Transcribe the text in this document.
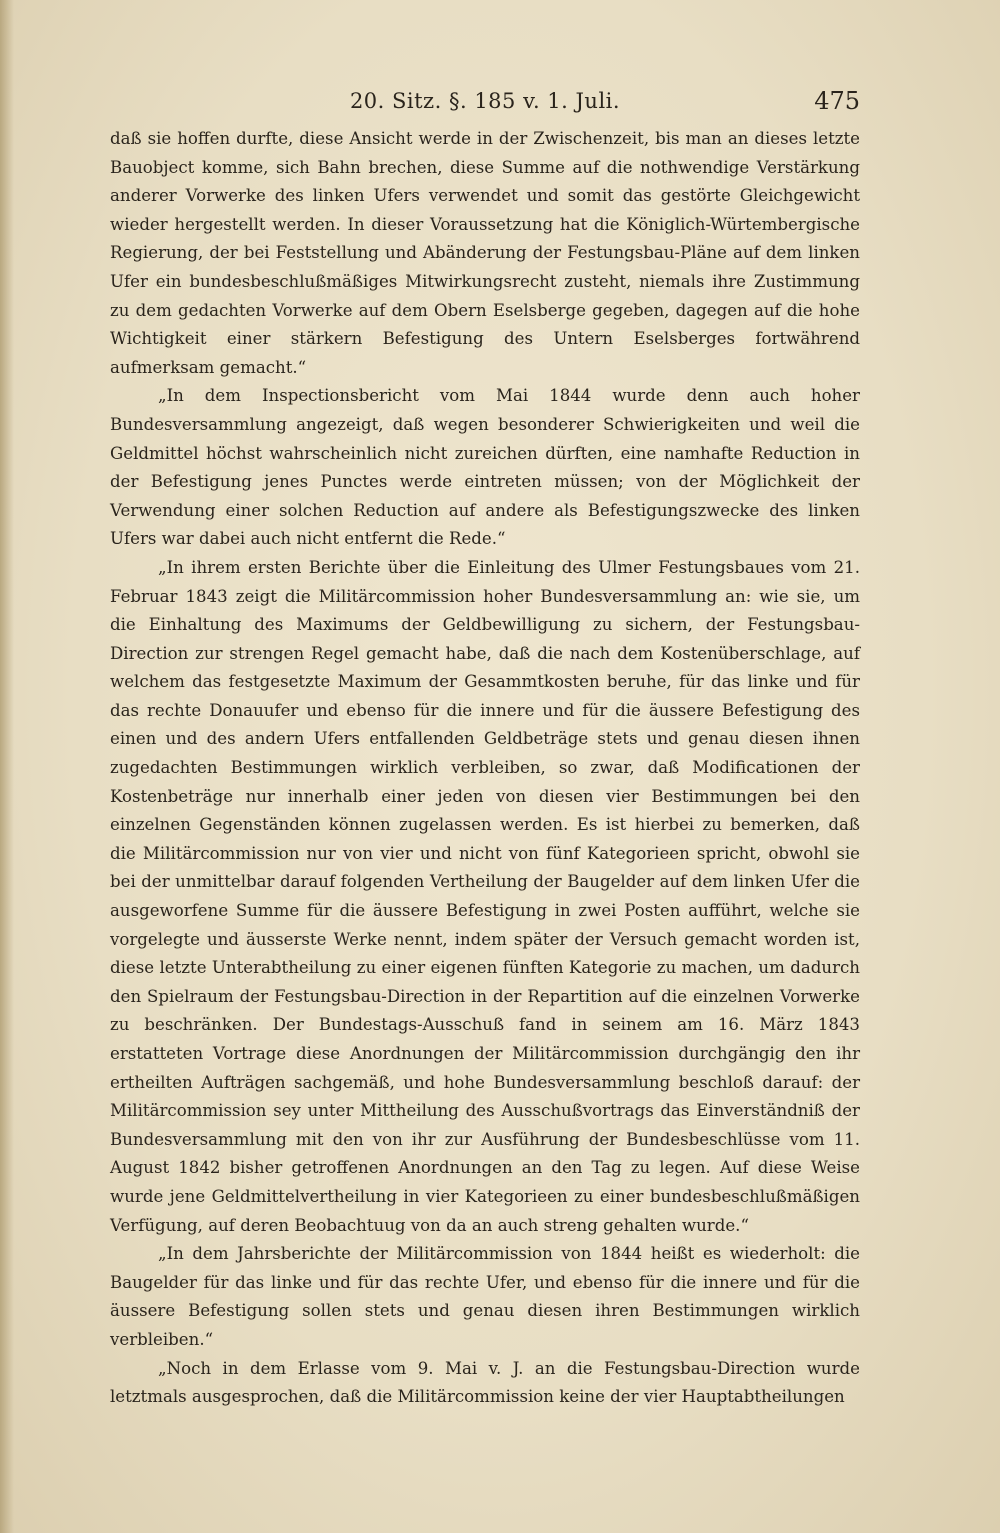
20. Sitz. §. 185 v. 1. Juli.	475

daß sie hoffen durfte, diese Ansicht werde in der Zwischenzeit, bis man an dieses letzte Bauobject komme, sich Bahn brechen, diese Summe auf die nothwendige Verstärkung anderer Vorwerke des linken Ufers verwendet und somit das gestörte Gleichgewicht wieder hergestellt werden. In dieser Voraussetzung hat die Königlich-Würtembergische Regierung, der bei Feststellung und Abänderung der Festungsbau-Pläne auf dem linken Ufer ein bundesbeschlußmäßiges Mitwirkungsrecht zusteht, niemals ihre Zustimmung zu dem gedachten Vorwerke auf dem Obern Eselsberge gegeben, dagegen auf die hohe Wichtigkeit einer stärkern Befestigung des Untern Eselsberges fortwährend aufmerksam gemacht.“

„In dem Inspectionsbericht vom Mai 1844 wurde denn auch hoher Bundesversammlung angezeigt, daß wegen besonderer Schwierigkeiten und weil die Geldmittel höchst wahrscheinlich nicht zureichen dürften, eine namhafte Reduction in der Befestigung jenes Punctes werde eintreten müssen; von der Möglichkeit der Verwendung einer solchen Reduction auf andere als Befestigungszwecke des linken Ufers war dabei auch nicht entfernt die Rede.“

„In ihrem ersten Berichte über die Einleitung des Ulmer Festungsbaues vom 21. Februar 1843 zeigt die Militärcommission hoher Bundesversammlung an: wie sie, um die Einhaltung des Maximums der Geldbewilligung zu sichern, der Festungsbau-Direction zur strengen Regel gemacht habe, daß die nach dem Kostenüberschlage, auf welchem das festgesetzte Maximum der Gesammtkosten beruhe, für das linke und für das rechte Donauufer und ebenso für die innere und für die äussere Befestigung des einen und des andern Ufers entfallenden Geldbeträge stets und genau diesen ihnen zugedachten Bestimmungen wirklich verbleiben, so zwar, daß Modificationen der Kostenbeträge nur innerhalb einer jeden von diesen vier Bestimmungen bei den einzelnen Gegenständen können zugelassen werden. Es ist hierbei zu bemerken, daß die Militärcommission nur von vier und nicht von fünf Kategorieen spricht, obwohl sie bei der unmittelbar darauf folgenden Vertheilung der Baugelder auf dem linken Ufer die ausgeworfene Summe für die äussere Befestigung in zwei Posten aufführt, welche sie vorgelegte und äusserste Werke nennt, indem später der Versuch gemacht worden ist, diese letzte Unterabtheilung zu einer eigenen fünften Kategorie zu machen, um dadurch den Spielraum der Festungsbau-Direction in der Repartition auf die einzelnen Vorwerke zu beschränken. Der Bundestags-Ausschuß fand in seinem am 16. März 1843 erstatteten Vortrage diese Anordnungen der Militärcommission durchgängig den ihr ertheilten Aufträgen sachgemäß, und hohe Bundesversammlung beschloß darauf: der Militärcommission sey unter Mittheilung des Ausschußvortrags das Einverständniß der Bundesversammlung mit den von ihr zur Ausführung der Bundesbeschlüsse vom 11. August 1842 bisher getroffenen Anordnungen an den Tag zu legen. Auf diese Weise wurde jene Geldmittelvertheilung in vier Kategorieen zu einer bundesbeschlußmäßigen Verfügung, auf deren Beobachtuug von da an auch streng gehalten wurde.“

„In dem Jahrsberichte der Militärcommission von 1844 heißt es wiederholt: die Baugelder für das linke und für das rechte Ufer, und ebenso für die innere und für die äussere Befestigung sollen stets und genau diesen ihren Bestimmungen wirklich verbleiben.“

„Noch in dem Erlasse vom 9. Mai v. J. an die Festungsbau-Direction wurde letztmals ausgesprochen, daß die Militärcommission keine der vier Hauptabtheilungen
